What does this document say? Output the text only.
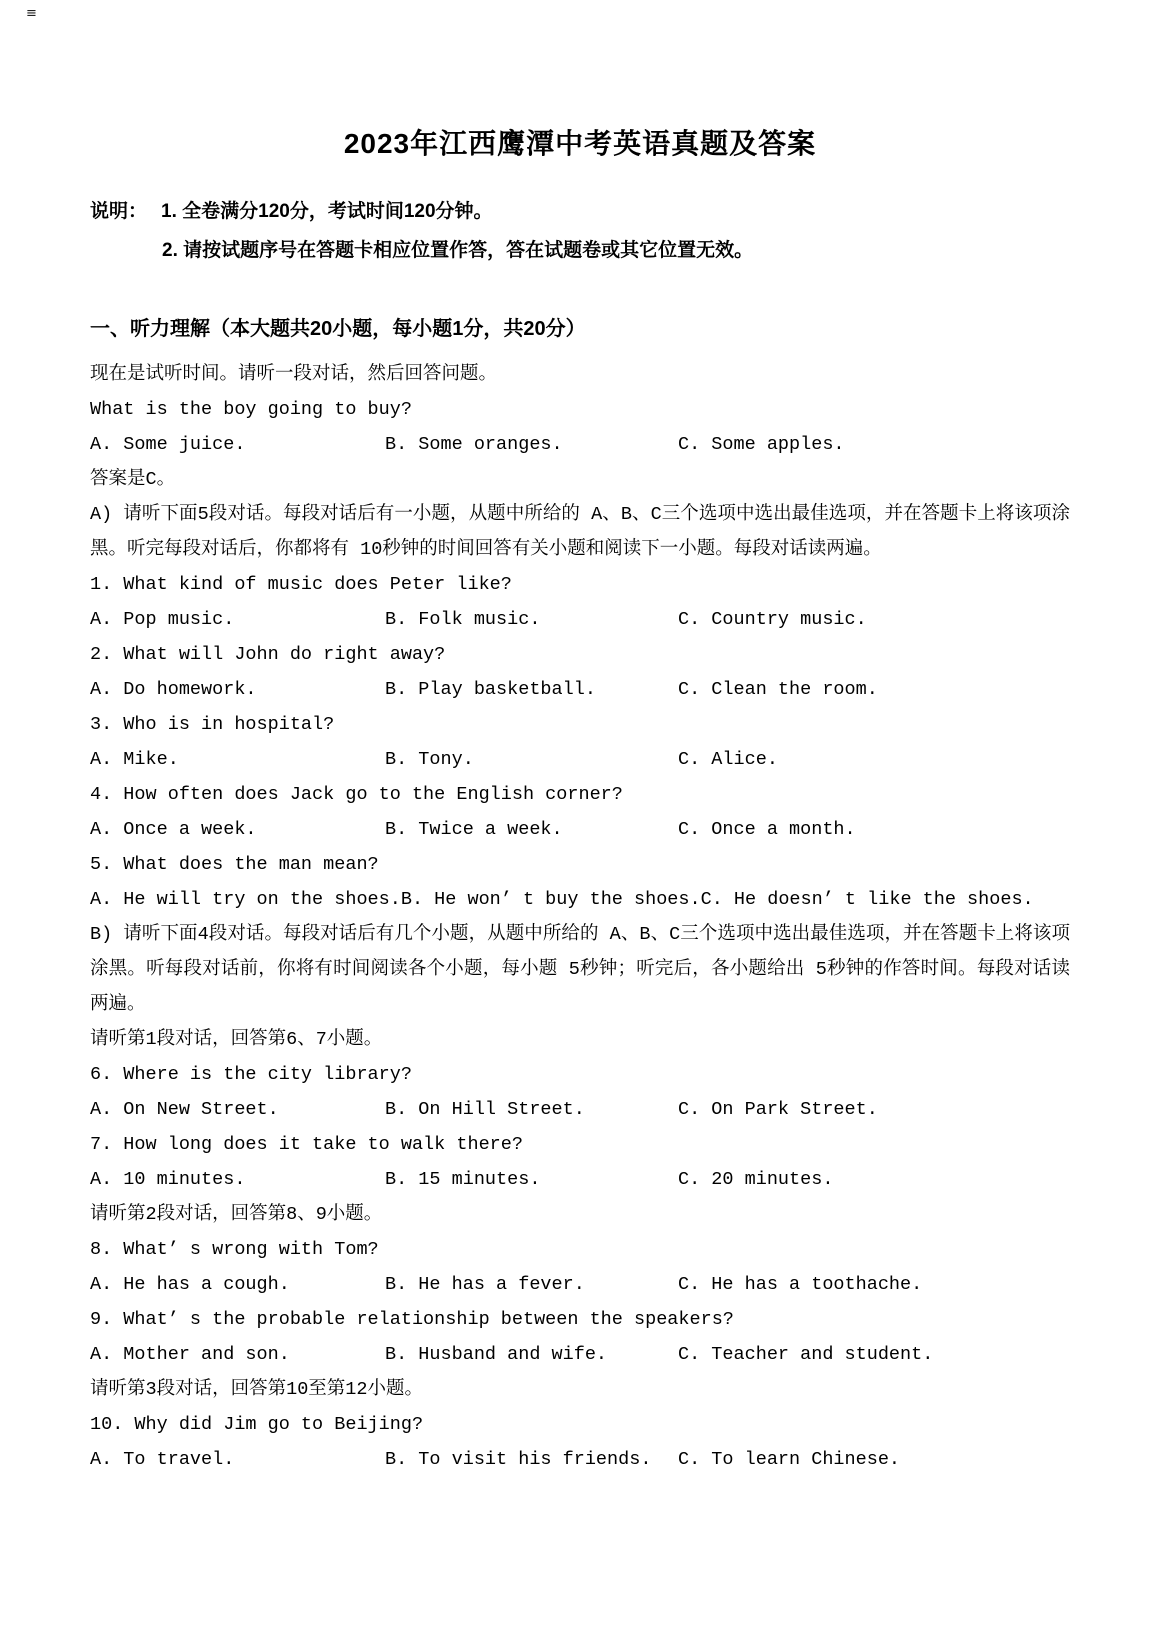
≡
2023年江西鹰潭中考英语真题及答案
说明： 1. 全卷满分120分，考试时间120分钟。
2. 请按试题序号在答题卡相应位置作答，答在试题卷或其它位置无效。
一、听力理解（本大题共20小题，每小题1分，共20分）
现在是试听时间。请听一段对话，然后回答问题。
What is the boy going to buy?
A. Some juice.	B. Some oranges.	C. Some apples.
答案是C。
A) 请听下面5段对话。每段对话后有一小题，从题中所给的 A、B、C三个选项中选出最佳选项，并在答题卡上将该项涂黑。听完每段对话后，你都将有 10秒钟的时间回答有关小题和阅读下一小题。每段对话读两遍。
1. What kind of music does Peter like?
A. Pop music.	B. Folk music.	C. Country music.
2. What will John do right away?
A. Do homework.	B. Play basketball.	C. Clean the room.
3. Who is in hospital?
A. Mike.	B. Tony.	C. Alice.
4. How often does Jack go to the English corner?
A. Once a week.	B. Twice a week.	C. Once a month.
5. What does the man mean?
A. He will try on the shoes. B. He won’ t buy the shoes. C. He doesn’ t like the shoes.
B) 请听下面4段对话。每段对话后有几个小题，从题中所给的 A、B、C三个选项中选出最佳选项，并在答题卡上将该项涂黑。听每段对话前，你将有时间阅读各个小题，每小题 5秒钟；听完后，各小题给出 5秒钟的作答时间。每段对话读两遍。
请听第1段对话，回答第6、7小题。
6. Where is the city library?
A. On New Street.	B. On Hill Street.	C. On Park Street.
7. How long does it take to walk there?
A. 10 minutes.	B. 15 minutes.	C. 20 minutes.
请听第2段对话，回答第8、9小题。
8. What’ s wrong with Tom?
A. He has a cough.	B. He has a fever.	C. He has a toothache.
9. What’ s the probable relationship between the speakers?
A. Mother and son.	B. Husband and wife.	C. Teacher and student.
请听第3段对话，回答第10至第12小题。
10. Why did Jim go to Beijing?
A. To travel.	B. To visit his friends.	C. To learn Chinese.
